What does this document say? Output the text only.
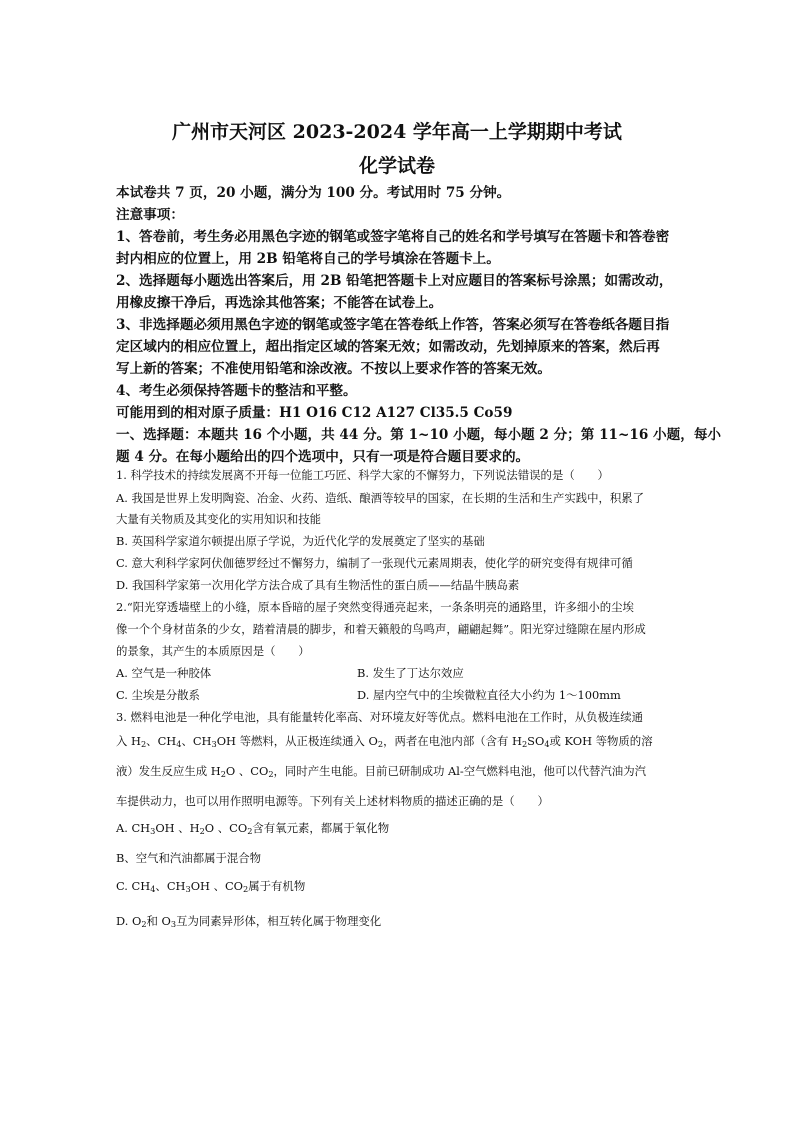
广州市天河区 2023-2024 学年高一上学期期中考试
化学试卷
本试卷共 7 页，20 小题，满分为 100 分。考试用时 75 分钟。
注意事项：
1、答卷前，考生务必用黑色字迹的钢笔或签字笔将自己的姓名和学号填写在答题卡和答卷密
封内相应的位置上，用 2B 铅笔将自己的学号填涂在答题卡上。
2、选择题每小题选出答案后，用 2B 铅笔把答题卡上对应题目的答案标号涂黑；如需改动，
用橡皮擦干净后，再选涂其他答案；不能答在试卷上。
3、非选择题必须用黑色字迹的钢笔或签字笔在答卷纸上作答，答案必须写在答卷纸各题目指
定区域内的相应位置上，超出指定区域的答案无效；如需改动，先划掉原来的答案，然后再
写上新的答案；不准使用铅笔和涂改液。不按以上要求作答的答案无效。
4、考生必须保持答题卡的整洁和平整。
可能用到的相对原子质量：H1 O16 C12 A127 Cl35.5 Co59
一、选择题：本题共 16 个小题，共 44 分。第 1~10 小题，每小题 2 分；第 11~16 小题，每小
题 4 分。在每小题给出的四个选项中，只有一项是符合题目要求的。
1. 科学技术的持续发展离不开每一位能工巧匠、科学大家的不懈努力，下列说法错误的是（　　）
A. 我国是世界上发明陶瓷、冶金、火药、造纸、酿酒等较早的国家，在长期的生活和生产实践中，积累了
大量有关物质及其变化的实用知识和技能
B. 英国科学家道尔顿提出原子学说，为近代化学的发展奠定了坚实的基础
C. 意大利科学家阿伏伽德罗经过不懈努力，编制了一张现代元素周期表，使化学的研究变得有规律可循
D. 我国科学家第一次用化学方法合成了具有生物活性的蛋白质——结晶牛胰岛素
2.“阳光穿透墙壁上的小缝，原本昏暗的屋子突然变得通亮起来，一条条明亮的通路里，许多细小的尘埃
像一个个身材苗条的少女，踏着清晨的脚步，和着天籁般的鸟鸣声，翩翩起舞”。阳光穿过缝隙在屋内形成
的景象，其产生的本质原因是（　　）
A. 空气是一种胶体	B. 发生了丁达尔效应
C. 尘埃是分散系	D. 屋内空气中的尘埃微粒直径大小约为 1～100mm
3. 燃料电池是一种化学电池，具有能量转化率高、对环境友好等优点。燃料电池在工作时，从负极连续通
入 $H_2$、$CH_4$、$CH_3OH$ 等燃料，从正极连续通入 $O_2$，两者在电池内部（含有 $H_2SO_4$或 KOH 等物质的溶
液）发生反应生成 $H_2O$ 、$CO_2$，同时产生电能。目前已研制成功 Al-空气燃料电池，他可以代替汽油为汽
车提供动力，也可以用作照明电源等。下列有关上述材料物质的描述正确的是（　　）
A. $CH_3OH$ 、$H_2O$ 、$CO_2$含有氧元素，都属于氧化物
B、空气和汽油都属于混合物
C. $CH_4$、$CH_3OH$ 、$CO_2$属于有机物
D. $O_2$和 $O_3$互为同素异形体，相互转化属于物理变化
